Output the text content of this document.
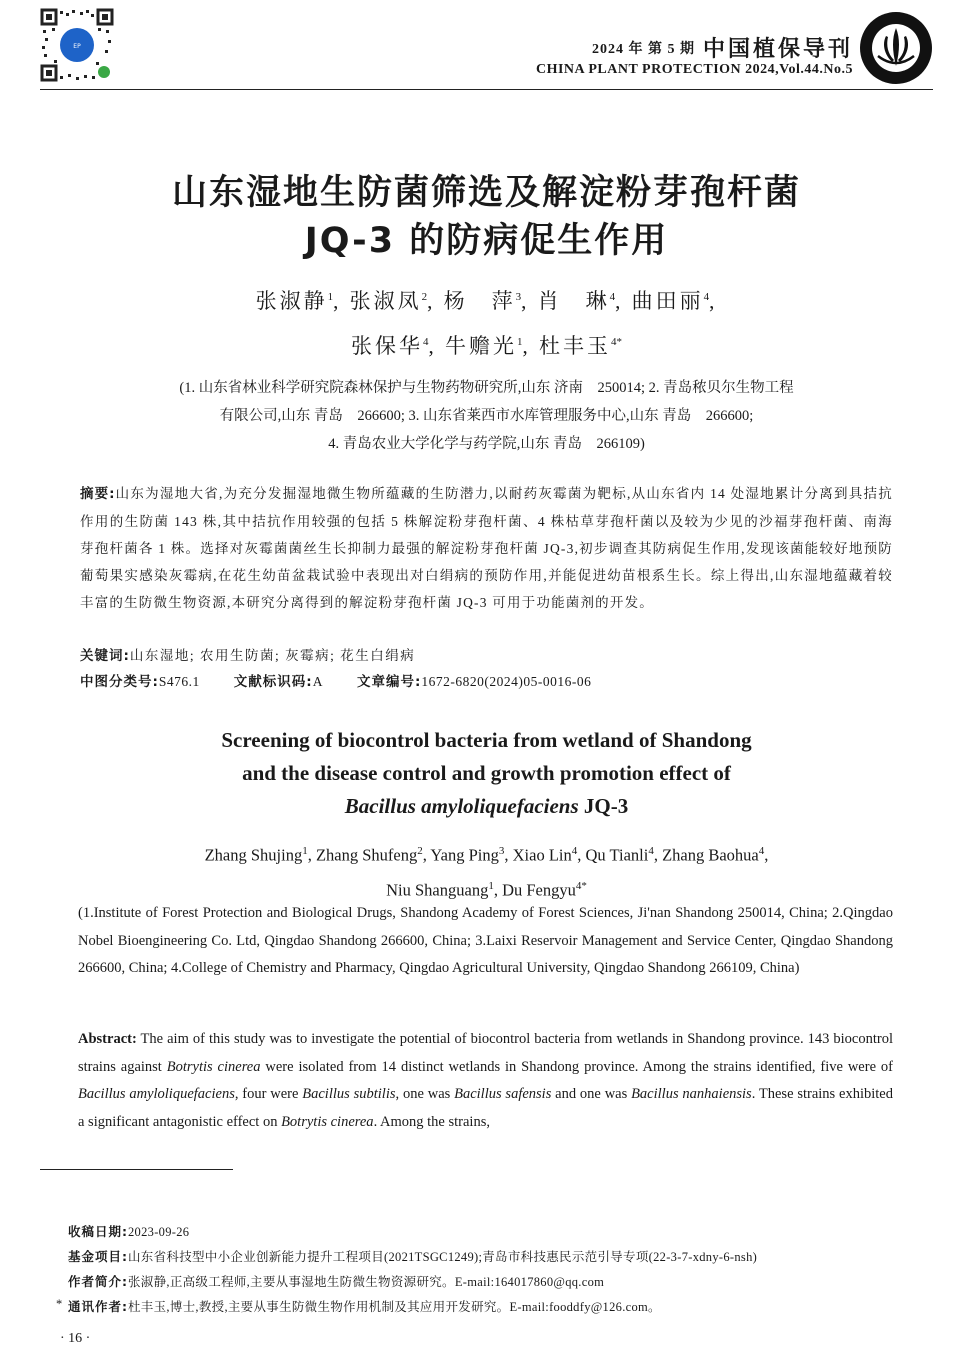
EP	2024 年 第 5 期 中国植保导刊
CHINA PLANT PROTECTION 2024,Vol.44.No.5
山东湿地生防菌筛选及解淀粉芽孢杆菌
JQ-3 的防病促生作用
张淑静$^1$, 张淑凤$^2$, 杨　萍$^3$, 肖　琳$^4$, 曲田丽$^4$,
张保华$^4$, 牛赡光$^1$, 杜丰玉$^{4*}$
(1. 山东省林业科学研究院森林保护与生物药物研究所,山东 济南　250014; 2. 青岛秾贝尔生物工程
有限公司,山东 青岛　266600; 3. 山东省莱西市水库管理服务中心,山东 青岛　266600;
4. 青岛农业大学化学与药学院,山东 青岛　266109)
摘要:山东为湿地大省,为充分发掘湿地微生物所蕴藏的生防潜力,以耐药灰霉菌为靶标,从山东省内 14 处湿地累计分离到具拮抗作用的生防菌 143 株,其中拮抗作用较强的包括 5 株解淀粉芽孢杆菌、4 株枯草芽孢杆菌以及较为少见的沙福芽孢杆菌、南海芽孢杆菌各 1 株。选择对灰霉菌菌丝生长抑制力最强的解淀粉芽孢杆菌 JQ-3,初步调查其防病促生作用,发现该菌能较好地预防葡萄果实感染灰霉病,在花生幼苗盆栽试验中表现出对白绢病的预防作用,并能促进幼苗根系生长。综上得出,山东湿地蕴藏着较丰富的生防微生物资源,本研究分离得到的解淀粉芽孢杆菌 JQ-3 可用于功能菌剂的开发。
关键词:山东湿地; 农用生防菌; 灰霉病; 花生白绢病
中图分类号:S476.1	文献标识码:A	文章编号:1672-6820(2024)05-0016-06
Screening of biocontrol bacteria from wetland of Shandong
and the disease control and growth promotion effect of
Bacillus amyloliquefaciens JQ-3
Zhang Shujing$^1$, Zhang Shufeng$^2$, Yang Ping$^3$, Xiao Lin$^4$, Qu Tianli$^4$, Zhang Baohua$^4$,
Niu Shanguang$^1$, Du Fengyu$^{4*}$
(1.Institute of Forest Protection and Biological Drugs, Shandong Academy of Forest Sciences, Ji'nan Shandong 250014, China; 2.Qingdao Nobel Bioengineering Co. Ltd, Qingdao Shandong 266600, China; 3.Laixi Reservoir Management and Service Center, Qingdao Shandong 266600, China; 4.College of Chemistry and Pharmacy, Qingdao Agricultural University, Qingdao Shandong 266109, China)
Abstract: The aim of this study was to investigate the potential of biocontrol bacteria from wetlands in Shandong province. 143 biocontrol strains against Botrytis cinerea were isolated from 14 distinct wetlands in Shandong province. Among the strains identified, five were of Bacillus amyloliquefaciens, four were Bacillus subtilis, one was Bacillus safensis and one was Bacillus nanhaiensis. These strains exhibited a significant antagonistic effect on Botrytis cinerea. Among the strains,
收稿日期:2023-09-26
基金项目:山东省科技型中小企业创新能力提升工程项目(2021TSGC1249);青岛市科技惠民示范引导专项(22-3-7-xdny-6-nsh)
作者简介:张淑静,正高级工程师,主要从事湿地生防微生物资源研究。E-mail:164017860@qq.com
* 通讯作者:杜丰玉,博士,教授,主要从事生防微生物作用机制及其应用开发研究。E-mail:fooddfy@126.com。
· 16 ·
